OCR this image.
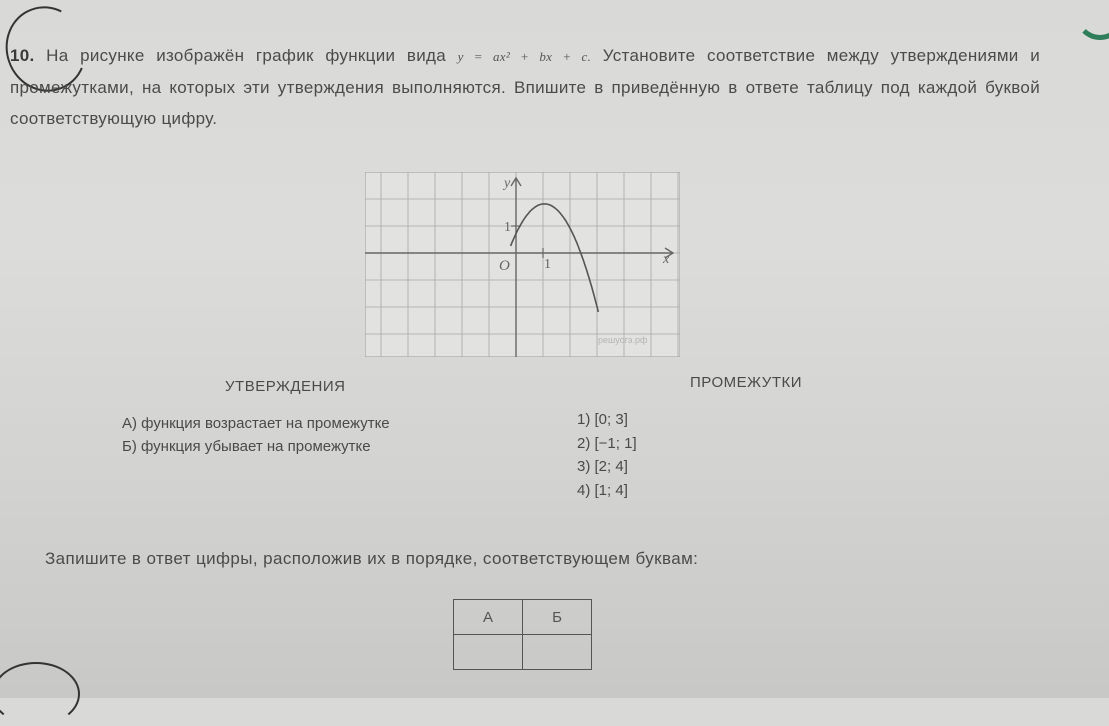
10. На рисунке изображён график функции вида y = ax² + bx + c. Установите соответствие между утверждениями и промежутками, на которых эти утверждения выполняются. Впишите в приведённую в ответе таблицу под каждой буквой соответствующую цифру.
y
x
O
1
1
решуогэ.рф
УТВЕРЖДЕНИЯ	ПРОМЕЖУТКИ
А) функция возрастает на промежутке
Б) функция убывает на промежутке
1) [0; 3]
2) [−1; 1]
3) [2; 4]
4) [1; 4]
Запишите в ответ цифры, расположив их в порядке, соответствующем буквам:
А	Б
